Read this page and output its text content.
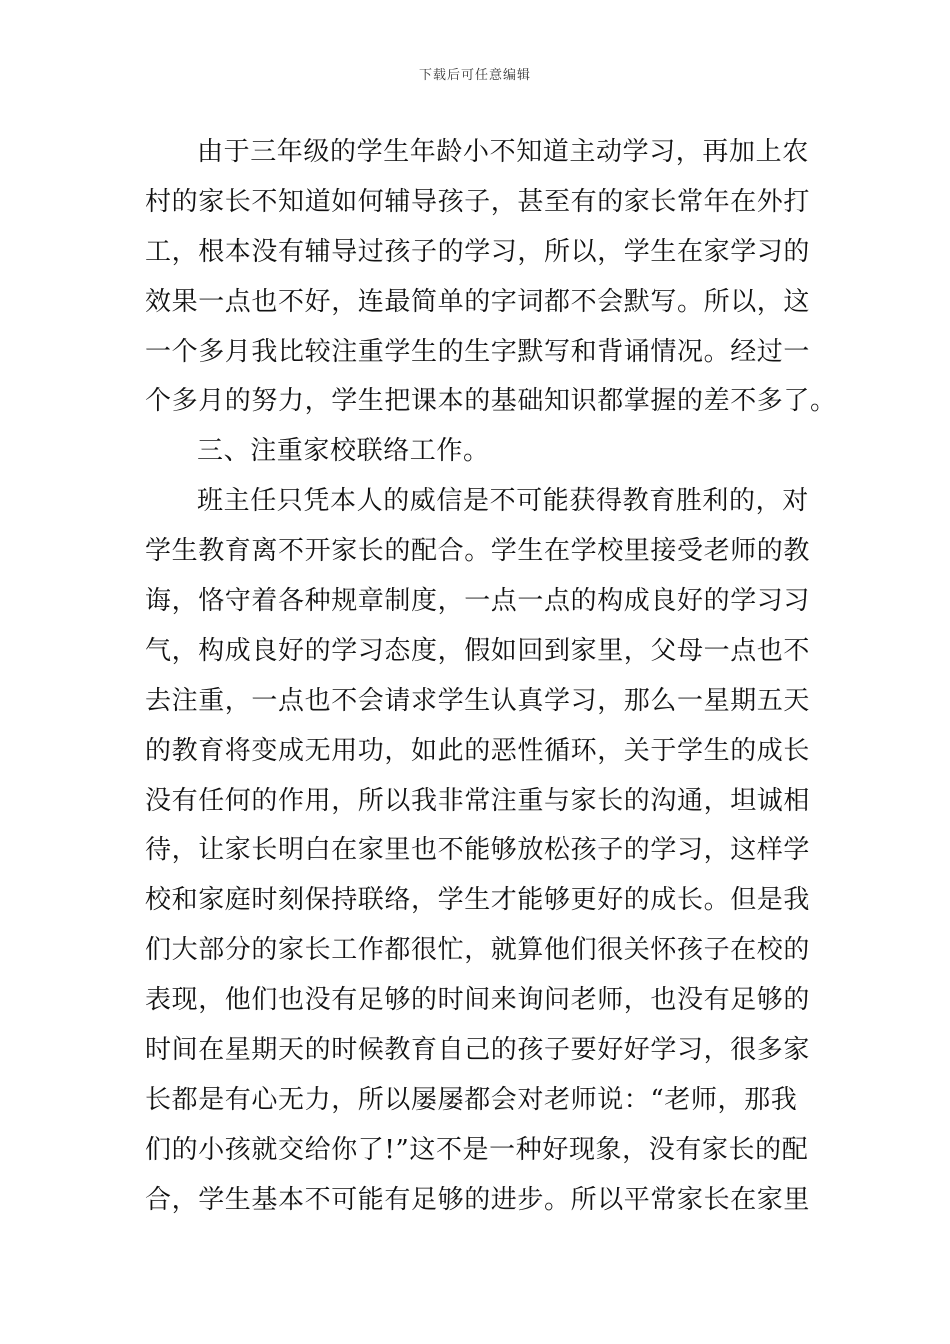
下载后可任意编辑
由于三年级的学生年龄小不知道主动学习，再加上农
村的家长不知道如何辅导孩子，甚至有的家长常年在外打
工，根本没有辅导过孩子的学习，所以，学生在家学习的
效果一点也不好，连最简单的字词都不会默写。所以，这
一个多月我比较注重学生的生字默写和背诵情况。经过一
个多月的努力，学生把课本的基础知识都掌握的差不多了。
三、注重家校联络工作。
班主任只凭本人的威信是不可能获得教育胜利的，对
学生教育离不开家长的配合。学生在学校里接受老师的教
诲，恪守着各种规章制度，一点一点的构成良好的学习习
气，构成良好的学习态度，假如回到家里，父母一点也不
去注重，一点也不会请求学生认真学习，那么一星期五天
的教育将变成无用功，如此的恶性循环，关于学生的成长
没有任何的作用，所以我非常注重与家长的沟通，坦诚相
待，让家长明白在家里也不能够放松孩子的学习，这样学
校和家庭时刻保持联络，学生才能够更好的成长。但是我
们大部分的家长工作都很忙，就算他们很关怀孩子在校的
表现，他们也没有足够的时间来询问老师，也没有足够的
时间在星期天的时候教育自己的孩子要好好学习，很多家
长都是有心无力，所以屡屡都会对老师说：“老师，那我
们的小孩就交给你了!”这不是一种好现象，没有家长的配
合，学生基本不可能有足够的进步。所以平常家长在家里
